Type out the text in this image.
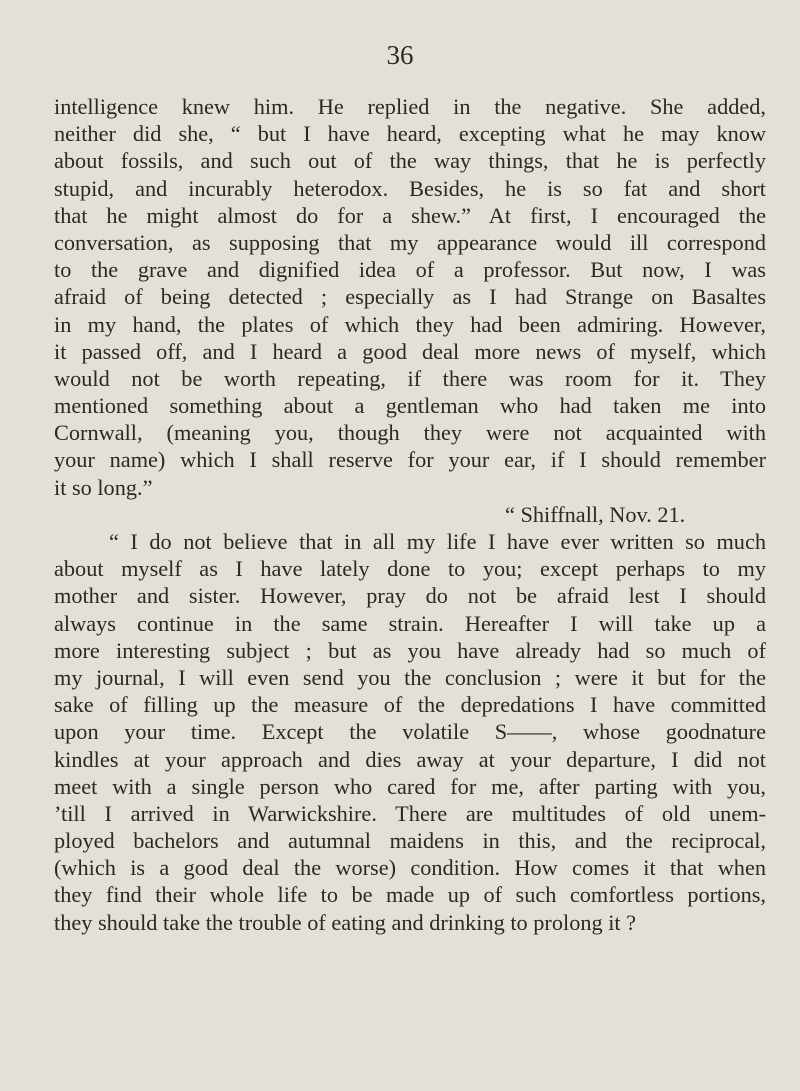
36
intelligence knew him. He replied in the negative. She added,
neither did she, “ but I have heard, excepting what he may know
about fossils, and such out of the way things, that he is perfectly
stupid, and incurably heterodox. Besides, he is so fat and short
that he might almost do for a shew.” At first, I encouraged the
conversation, as supposing that my appearance would ill correspond
to the grave and dignified idea of a professor. But now, I was
afraid of being detected ; especially as I had Strange on Basaltes
in my hand, the plates of which they had been admiring. However,
it passed off, and I heard a good deal more news of myself, which
would not be worth repeating, if there was room for it. They
mentioned something about a gentleman who had taken me into
Cornwall, (meaning you, though they were not acquainted with
your name) which I shall reserve for your ear, if I should remember
it so long.”
“ Shiffnall, Nov. 21.
“ I do not believe that in all my life I have ever written so much
about myself as I have lately done to you; except perhaps to my
mother and sister. However, pray do not be afraid lest I should
always continue in the same strain. Hereafter I will take up a
more interesting subject ; but as you have already had so much of
my journal, I will even send you the conclusion ; were it but for the
sake of filling up the measure of the depredations I have committed
upon your time. Except the volatile S——, whose goodnature
kindles at your approach and dies away at your departure, I did not
meet with a single person who cared for me, after parting with you,
’till I arrived in Warwickshire. There are multitudes of old unem-
ployed bachelors and autumnal maidens in this, and the reciprocal,
(which is a good deal the worse) condition. How comes it that when
they find their whole life to be made up of such comfortless portions,
they should take the trouble of eating and drinking to prolong it ?
